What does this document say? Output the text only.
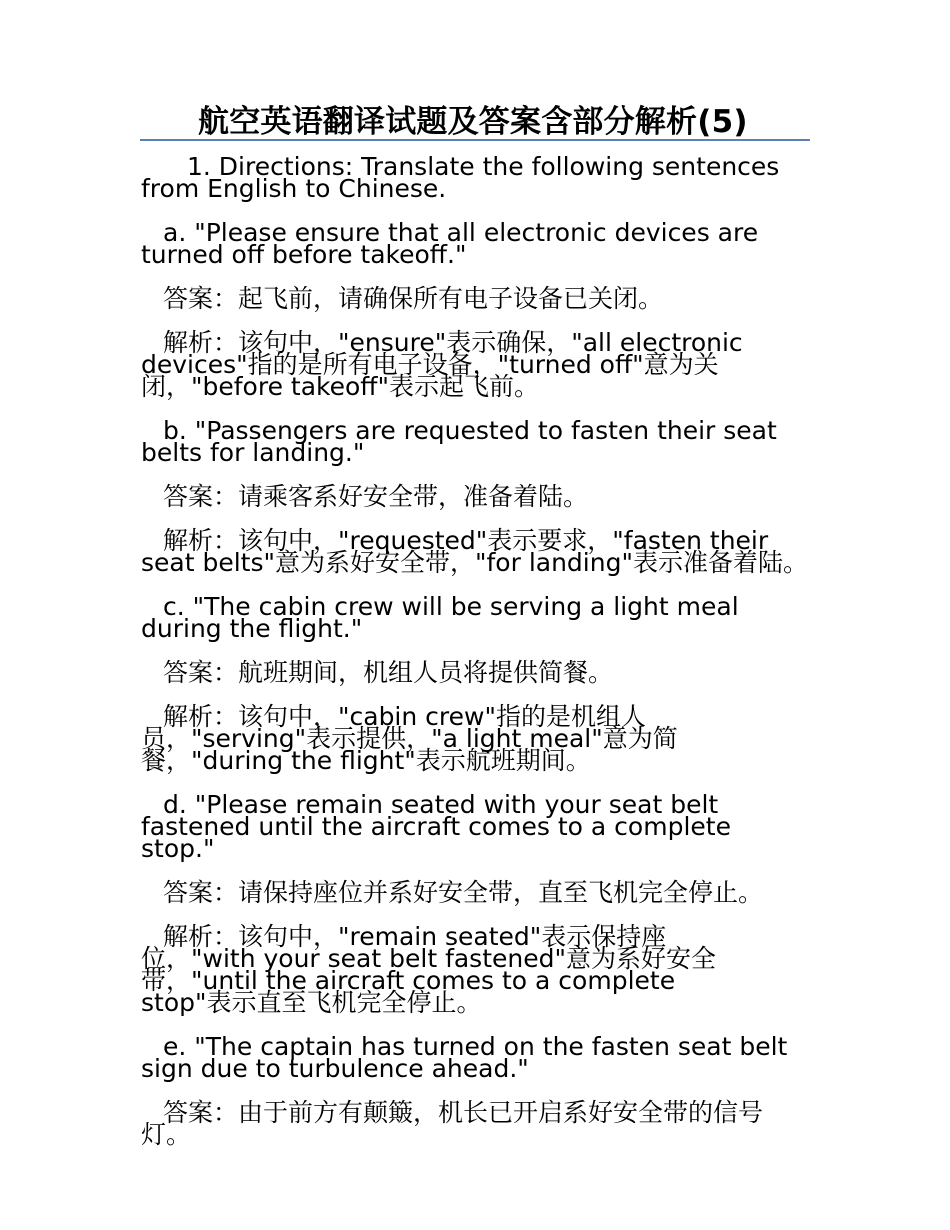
航空英语翻译试题及答案含部分解析(5)

1. Directions: Translate the following sentences from English to Chinese.

a. "Please ensure that all electronic devices are turned off before takeoff."

答案：起飞前，请确保所有电子设备已关闭。

解析：该句中，"ensure"表示确保，"all electronic devices"指的是所有电子设备，"turned off"意为关闭，"before takeoff"表示起飞前。

b. "Passengers are requested to fasten their seat belts for landing."

答案：请乘客系好安全带，准备着陆。

解析：该句中，"requested"表示要求，"fasten their seat belts"意为系好安全带，"for landing"表示准备着陆。

c. "The cabin crew will be serving a light meal during the flight."

答案：航班期间，机组人员将提供简餐。

解析：该句中，"cabin crew"指的是机组人员，"serving"表示提供，"a light meal"意为简餐，"during the flight"表示航班期间。

d. "Please remain seated with your seat belt fastened until the aircraft comes to a complete stop."

答案：请保持座位并系好安全带，直至飞机完全停止。

解析：该句中，"remain seated"表示保持座位，"with your seat belt fastened"意为系好安全带，"until the aircraft comes to a complete stop"表示直至飞机完全停止。

e. "The captain has turned on the fasten seat belt sign due to turbulence ahead."

答案：由于前方有颠簸，机长已开启系好安全带的信号灯。
